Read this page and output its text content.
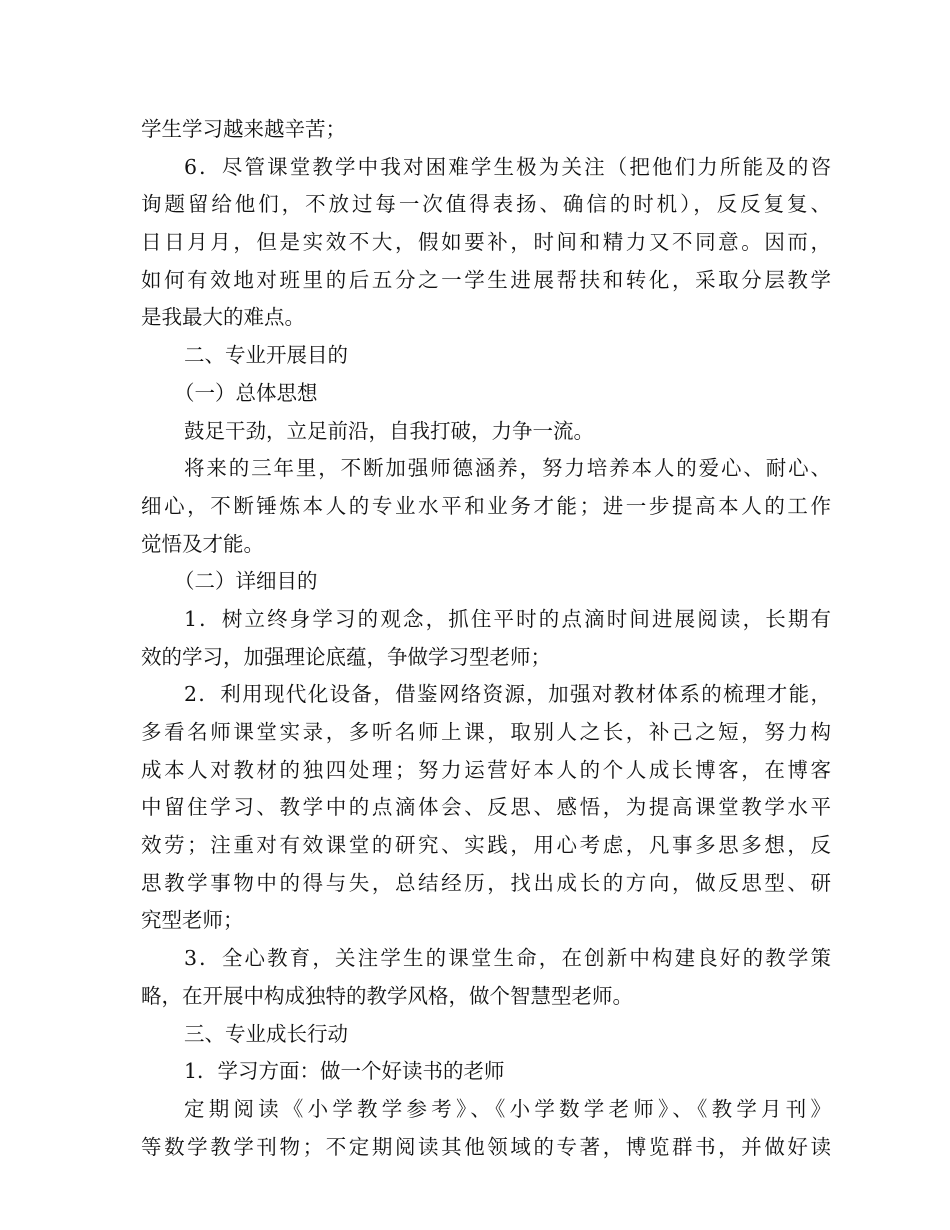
学生学习越来越辛苦；
6．尽管课堂教学中我对困难学生极为关注（把他们力所能及的咨
询题留给他们，不放过每一次值得表扬、确信的时机），反反复复、
日日月月，但是实效不大，假如要补，时间和精力又不同意。因而，
如何有效地对班里的后五分之一学生进展帮扶和转化，采取分层教学
是我最大的难点。
二、专业开展目的
（一）总体思想
鼓足干劲，立足前沿，自我打破，力争一流。
将来的三年里，不断加强师德涵养，努力培养本人的爱心、耐心、
细心，不断锤炼本人的专业水平和业务才能；进一步提高本人的工作
觉悟及才能。
（二）详细目的
1．树立终身学习的观念，抓住平时的点滴时间进展阅读，长期有
效的学习，加强理论底蕴，争做学习型老师；
2．利用现代化设备，借鉴网络资源，加强对教材体系的梳理才能，
多看名师课堂实录，多听名师上课，取别人之长，补己之短，努力构
成本人对教材的独四处理；努力运营好本人的个人成长博客，在博客
中留住学习、教学中的点滴体会、反思、感悟，为提高课堂教学水平
效劳；注重对有效课堂的研究、实践，用心考虑，凡事多思多想，反
思教学事物中的得与失，总结经历，找出成长的方向，做反思型、研
究型老师；
3．全心教育，关注学生的课堂生命，在创新中构建良好的教学策
略，在开展中构成独特的教学风格，做个智慧型老师。
三、专业成长行动
1．学习方面：做一个好读书的老师
定期阅读《小学教学参考》、《小学数学老师》、《教学月刊》
等数学教学刊物；不定期阅读其他领域的专著，博览群书，并做好读
